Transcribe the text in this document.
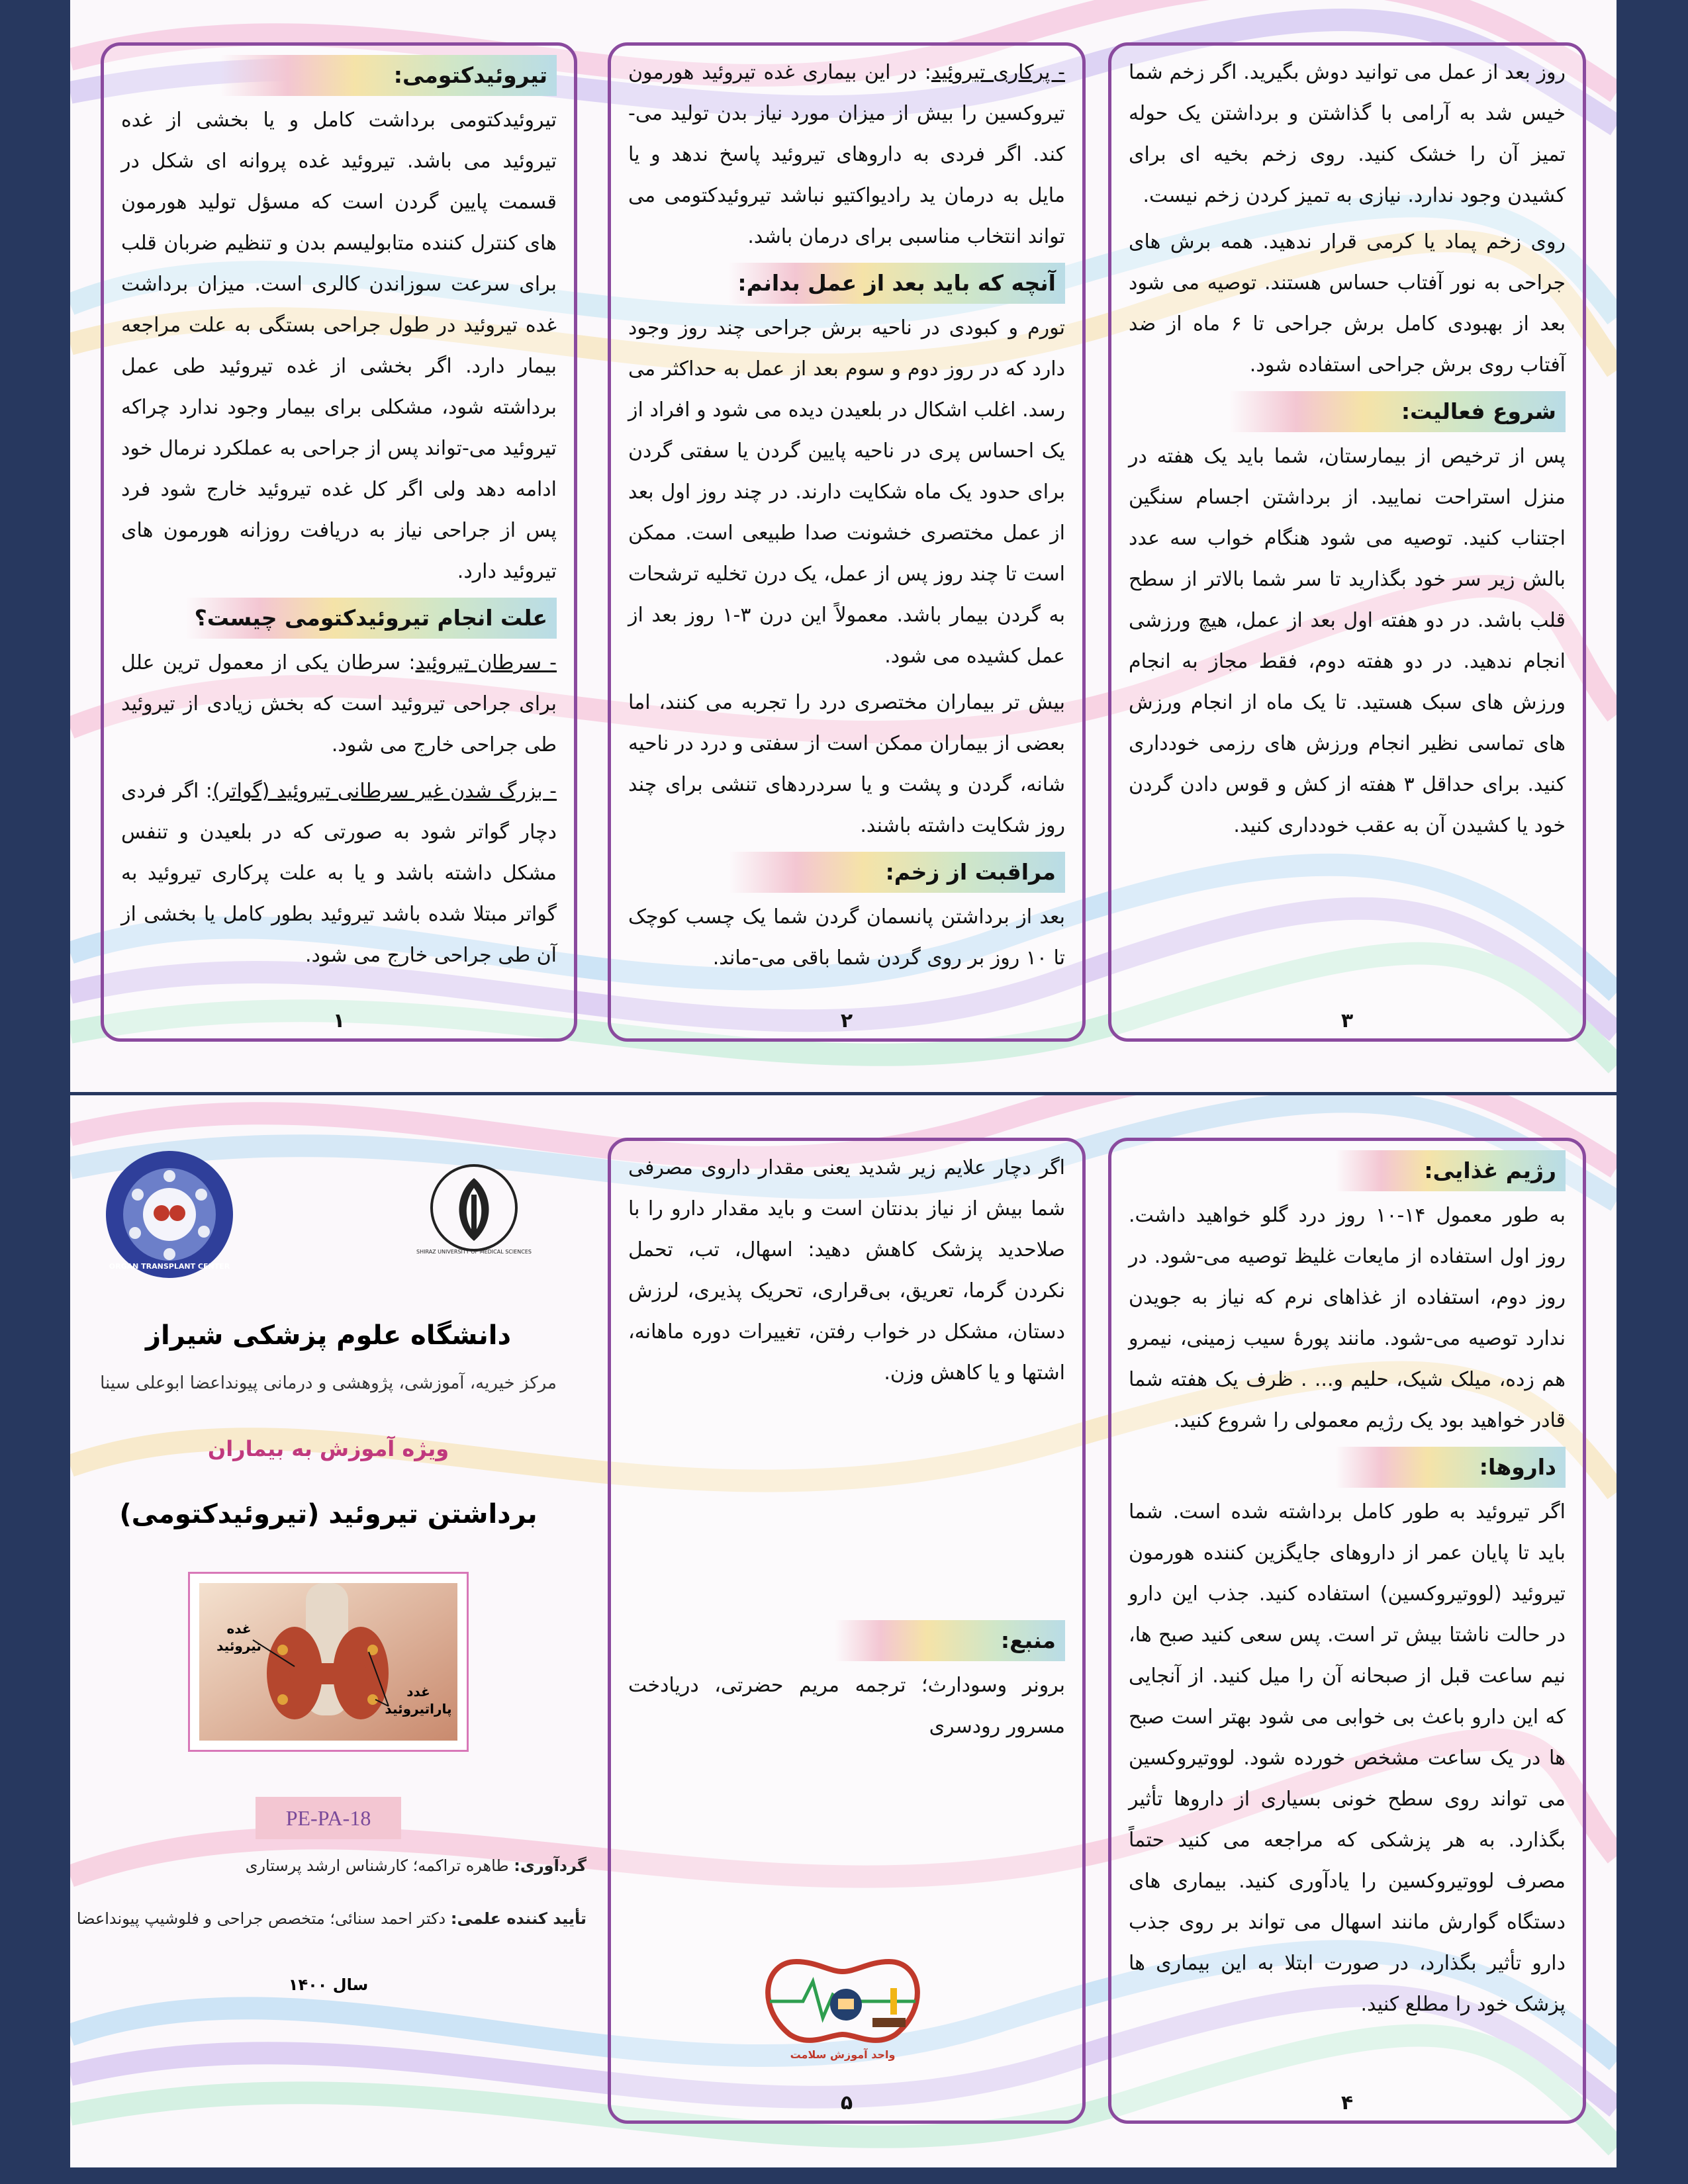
تیروئیدکتومی:

تیروئیدکتومی برداشت کامل و یا بخشی از غده تیروئید می باشد. تیروئید غده پروانه ای شکل در قسمت پایین گردن است که مسؤل تولید هورمون های کنترل کننده متابولیسم بدن و تنظیم ضربان قلب برای سرعت سوزاندن کالری است. میزان برداشت غده تیروئید در طول جراحی بستگی به علت مراجعه بیمار دارد. اگر بخشی از غده تیروئید طی عمل برداشته شود، مشکلی برای بیمار وجود ندارد چراکه تیروئید می-تواند پس از جراحی به عملکرد نرمال خود ادامه دهد ولی اگر کل غده تیروئید خارج شود فرد پس از جراحی نیاز به دریافت روزانه هورمون های تیروئید دارد.

علت انجام تیروئیدکتومی چیست؟

- سرطان تیروئید: سرطان یکی از معمول ترین علل برای جراحی تیروئید است که بخش زیادی از تیروئید طی جراحی خارج می شود.

- بزرگ شدن غیر سرطانی تیروئید (گواتر): اگر فردی دچار گواتر شود به صورتی که در بلعیدن و تنفس مشکل داشته باشد و یا به علت پرکاری تیروئید به گواتر مبتلا شده باشد تیروئید بطور کامل یا بخشی از آن طی جراحی خارج می شود.

۱

- پرکاری تیروئید: در این بیماری غده تیروئید هورمون تیروکسین را بیش از میزان مورد نیاز بدن تولید می-کند. اگر فردی به داروهای تیروئید پاسخ ندهد و یا مایل به درمان ید رادیواکتیو نباشد تیروئیدکتومی می تواند انتخاب مناسبی برای درمان باشد.

آنچه که باید بعد از عمل بدانم:

تورم و کبودی در ناحیه برش جراحی چند روز وجود دارد که در روز دوم و سوم بعد از عمل به حداکثر می رسد. اغلب اشکال در بلعیدن دیده می شود و افراد از یک احساس پری در ناحیه پایین گردن یا سفتی گردن برای حدود یک ماه شکایت دارند. در چند روز اول بعد از عمل مختصری خشونت صدا طبیعی است. ممکن است تا چند روز پس از عمل، یک درن تخلیه ترشحات به گردن بیمار باشد. معمولاً این درن ۳-۱ روز بعد از عمل کشیده می شود.

بیش تر بیماران مختصری درد را تجربه می کنند، اما بعضی از بیماران ممکن است از سفتی و درد در ناحیه شانه، گردن و پشت و یا سردردهای تنشی برای چند روز شکایت داشته باشند.

مراقبت از زخم:

بعد از برداشتن پانسمان گردن شما یک چسب کوچک تا ۱۰ روز بر روی گردن شما باقی می-ماند.

۲

روز بعد از عمل می توانید دوش بگیرید. اگر زخم شما خیس شد به آرامی با گذاشتن و برداشتن یک حوله تمیز آن را خشک کنید. روی زخم بخیه ای برای کشیدن وجود ندارد. نیازی به تمیز کردن زخم نیست.

روی زخم پماد یا کرمی قرار ندهید. همه برش های جراحی به نور آفتاب حساس هستند. توصیه می شود بعد از بهبودی کامل برش جراحی تا ۶ ماه از ضد آفتاب روی برش جراحی استفاده شود.

شروع فعالیت:

پس از ترخیص از بیمارستان، شما باید یک هفته در منزل استراحت نمایید. از برداشتن اجسام سنگین اجتناب کنید. توصیه می شود هنگام خواب سه عدد بالش زیر سر خود بگذارید تا سر شما بالاتر از سطح قلب باشد. در دو هفته اول بعد از عمل، هیچ ورزشی انجام ندهید. در دو هفته دوم، فقط مجاز به انجام ورزش های سبک هستید. تا یک ماه از انجام ورزش های تماسی نظیر انجام ورزش های رزمی خودداری کنید. برای حداقل ۳ هفته از کش و قوس دادن گردن خود یا کشیدن آن به عقب خودداری کنید.

۳
ORGAN TRANSPLANT CENTER
SHIRAZ UNIVERSITY OF MEDICAL SCIENCES
دانشگاه علوم پزشکی شیراز
مرکز خیریه، آموزشی، پژوهشی و درمانی پیونداعضا ابوعلی سینا
ویژه آموزش به بیماران
برداشتن تیروئید (تیروئیدکتومی)
غده تیروئید
غدد پاراتیروئید
PE-PA-18
گردآوری: طاهره تراکمه؛ کارشناس ارشد پرستاری
تأیید کننده علمی: دکتر احمد سنائی؛ متخصص جراحی و فلوشیپ پیونداعضا
سال ۱۴۰۰

اگر دچار علایم زیر شدید یعنی مقدار داروی مصرفی شما بیش از نیاز بدنتان است و باید مقدار دارو را با صلاحدید پزشک کاهش دهید: اسهال، تب، تحمل نکردن گرما، تعریق، بی‌قراری، تحریک پذیری، لرزش دستان، مشکل در خواب رفتن، تغییرات دوره ماهانه، اشتها و یا کاهش وزن.

منبع:

برونر وسودارث؛ ترجمه مریم حضرتی، دریادخت مسرور رودسری

واحد آموزش سلامت
۵
رژیم غذایی:

به طور معمول ۱۴-۱۰ روز درد گلو خواهید داشت. روز اول استفاده از مایعات غلیظ توصیه می-شود. در روز دوم، استفاده از غذاهای نرم که نیاز به جویدن ندارد توصیه می-شود. مانند پورهٔ سیب زمینی، نیمرو هم زده، میلک شیک، حلیم و... . ظرف یک هفته شما قادر خواهید بود یک رژیم معمولی را شروع کنید.

داروها:

اگر تیروئید به طور کامل برداشته شده است. شما باید تا پایان عمر از داروهای جایگزین کننده هورمون تیروئید (لووتیروکسین) استفاده کنید. جذب این دارو در حالت ناشتا بیش تر است. پس سعی کنید صبح ها، نیم ساعت قبل از صبحانه آن را میل کنید. از آنجایی که این دارو باعث بی خوابی می شود بهتر است صبح ها در یک ساعت مشخص خورده شود. لووتیروکسین می تواند روی سطح خونی بسیاری از داروها تأثیر بگذارد. به هر پزشکی که مراجعه می کنید حتماً مصرف لووتیروکسین را یادآوری کنید. بیماری های دستگاه گوارش مانند اسهال می تواند بر روی جذب دارو تأثیر بگذارد، در صورت ابتلا به این بیماری ها پزشک خود را مطلع کنید.

۴
